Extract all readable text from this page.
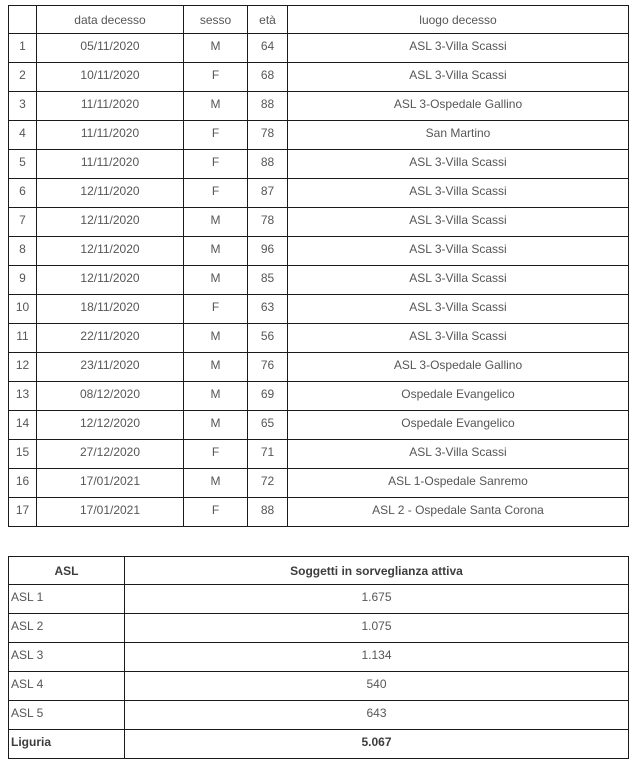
	data decesso	sesso	età	luogo decesso
1	05/11/2020	M	64	ASL 3-Villa Scassi
2	10/11/2020	F	68	ASL 3-Villa Scassi
3	11/11/2020	M	88	ASL 3-Ospedale Gallino
4	11/11/2020	F	78	San Martino
5	11/11/2020	F	88	ASL 3-Villa Scassi
6	12/11/2020	F	87	ASL 3-Villa Scassi
7	12/11/2020	M	78	ASL 3-Villa Scassi
8	12/11/2020	M	96	ASL 3-Villa Scassi
9	12/11/2020	M	85	ASL 3-Villa Scassi
10	18/11/2020	F	63	ASL 3-Villa Scassi
11	22/11/2020	M	56	ASL 3-Villa Scassi
12	23/11/2020	M	76	ASL 3-Ospedale Gallino
13	08/12/2020	M	69	Ospedale Evangelico
14	12/12/2020	M	65	Ospedale Evangelico
15	27/12/2020	F	71	ASL 3-Villa Scassi
16	17/01/2021	M	72	ASL 1-Ospedale Sanremo
17	17/01/2021	F	88	ASL 2 - Ospedale Santa Corona
ASL	Soggetti in sorveglianza attiva
ASL 1	1.675
ASL 2	1.075
ASL 3	1.134
ASL 4	540
ASL 5	643
Liguria	5.067
